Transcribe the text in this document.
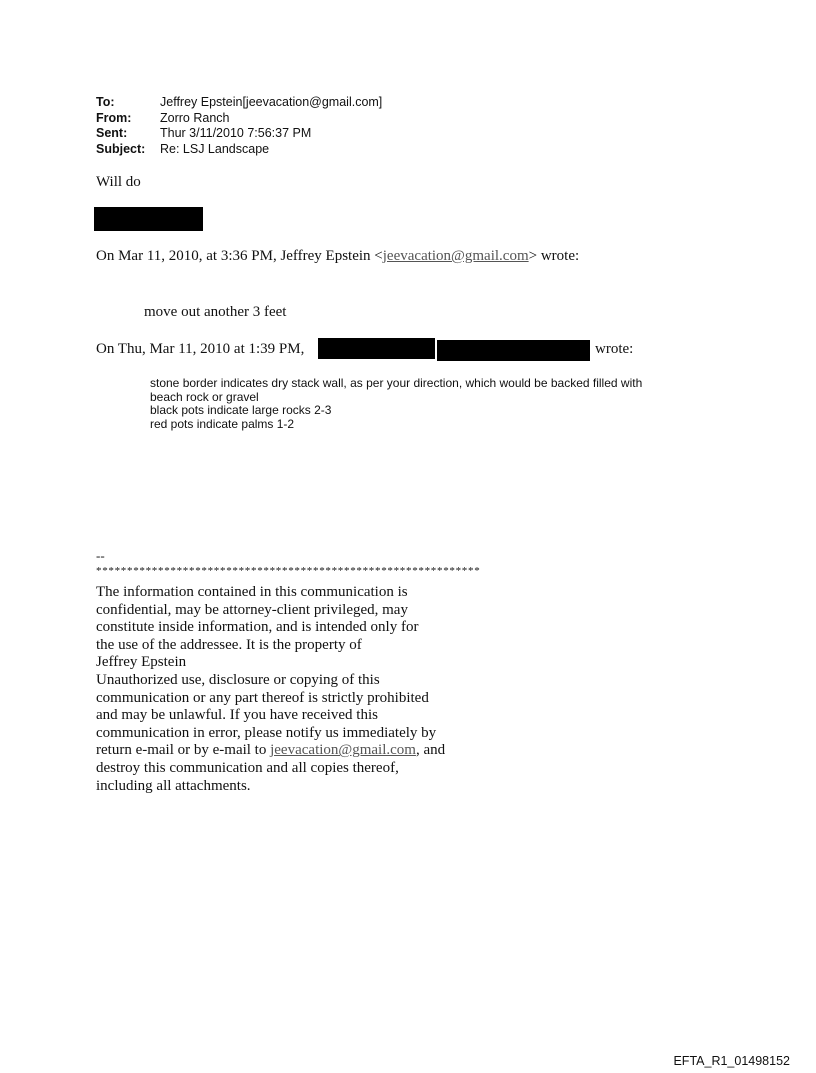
To:	Jeffrey Epstein[jeevacation@gmail.com]
From:	Zorro Ranch
Sent:	Thur 3/11/2010 7:56:37 PM
Subject:	Re: LSJ Landscape
Will do
On Mar 11, 2010, at 3:36 PM, Jeffrey Epstein <jeevacation@gmail.com> wrote:
move out another 3 feet
On Thu, Mar 11, 2010 at 1:39 PM,	wrote:
stone border indicates dry stack wall, as per your direction, which would be backed filled with
beach rock or gravel
black pots indicate large rocks 2-3
red pots indicate palms 1-2
--
**************************************************************
The information contained in this communication is
confidential, may be attorney-client privileged, may
constitute inside information, and is intended only for
the use of the addressee. It is the property of
Jeffrey Epstein
Unauthorized use, disclosure or copying of this
communication or any part thereof is strictly prohibited
and may be unlawful. If you have received this
communication in error, please notify us immediately by
return e-mail or by e-mail to jeevacation@gmail.com, and
destroy this communication and all copies thereof,
including all attachments.
EFTA_R1_01498152
